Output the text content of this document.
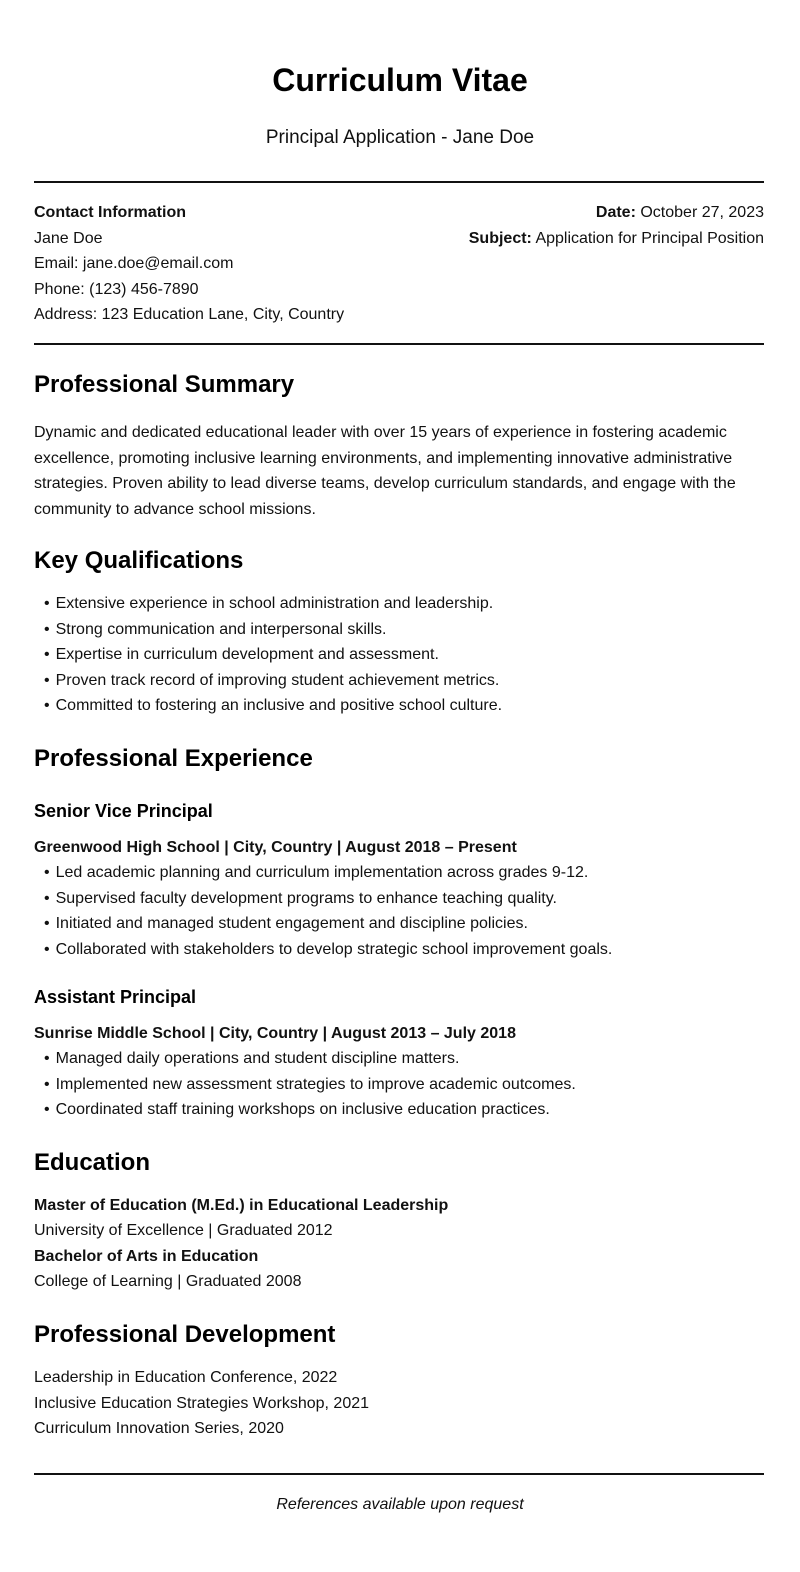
Curriculum Vitae
Principal Application - Jane Doe
Contact Information
Jane Doe
Email: jane.doe@email.com
Phone: (123) 456-7890
Address: 123 Education Lane, City, Country
Date: October 27, 2023
Subject: Application for Principal Position
Professional Summary

Dynamic and dedicated educational leader with over 15 years of experience in fostering academic excellence, promoting inclusive learning environments, and implementing innovative administrative strategies. Proven ability to lead diverse teams, develop curriculum standards, and engage with the community to advance school missions.

Key Qualifications
• Extensive experience in school administration and leadership.
• Strong communication and interpersonal skills.
• Expertise in curriculum development and assessment.
• Proven track record of improving student achievement metrics.
• Committed to fostering an inclusive and positive school culture.
Professional Experience
Senior Vice Principal
Greenwood High School | City, Country | August 2018 – Present
• Led academic planning and curriculum implementation across grades 9-12.
• Supervised faculty development programs to enhance teaching quality.
• Initiated and managed student engagement and discipline policies.
• Collaborated with stakeholders to develop strategic school improvement goals.
Assistant Principal
Sunrise Middle School | City, Country | August 2013 – July 2018
• Managed daily operations and student discipline matters.
• Implemented new assessment strategies to improve academic outcomes.
• Coordinated staff training workshops on inclusive education practices.
Education
Master of Education (M.Ed.) in Educational Leadership
University of Excellence | Graduated 2012
Bachelor of Arts in Education
College of Learning | Graduated 2008
Professional Development
Leadership in Education Conference, 2022
Inclusive Education Strategies Workshop, 2021
Curriculum Innovation Series, 2020
References available upon request
